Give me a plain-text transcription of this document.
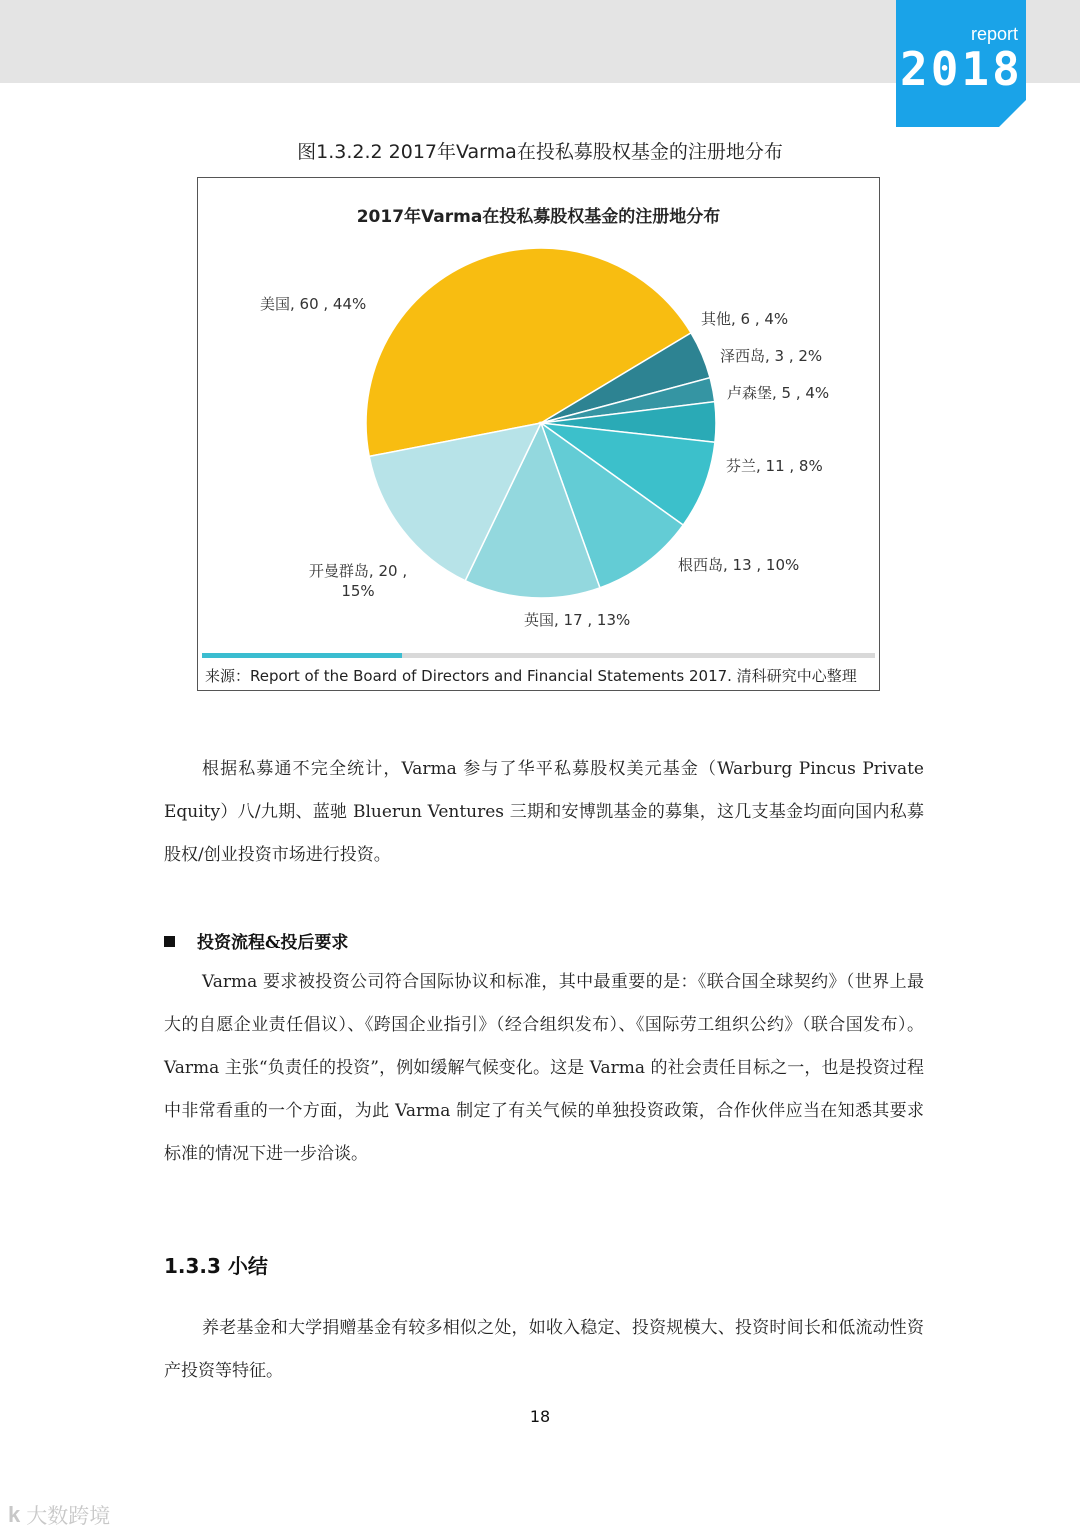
report
2018
图1.3.2.2 2017年Varma在投私募股权基金的注册地分布
2017年Varma在投私募股权基金的注册地分布
美国, 60 , 44%
其他, 6 , 4%
泽西岛, 3 , 2%
卢森堡, 5 , 4%
芬兰, 11 , 8%
根西岛, 13 , 10%
英国, 17 , 13%
开曼群岛, 20 ,
15%
来源：Report of the Board of Directors and Financial Statements 2017. 清科研究中心整理
根据私募通不完全统计，Varma 参与了华平私募股权美元基金（Warburg Pincus Private Equity）八/九期、蓝驰 Bluerun Ventures 三期和安博凯基金的募集，这几支基金均面向国内私募股权/创业投资市场进行投资。
投资流程&投后要求
Varma 要求被投资公司符合国际协议和标准，其中最重要的是：《联合国全球契约》（世界上最大的自愿企业责任倡议）、《跨国企业指引》（经合组织发布）、《国际劳工组织公约》（联合国发布）。Varma 主张“负责任的投资”，例如缓解气候变化。这是 Varma 的社会责任目标之一，也是投资过程中非常看重的一个方面，为此 Varma 制定了有关气候的单独投资政策，合作伙伴应当在知悉其要求标准的情况下进一步洽谈。
1.3.3 小结
养老基金和大学捐赠基金有较多相似之处，如收入稳定、投资规模大、投资时间长和低流动性资产投资等特征。
18
k 大数跨境
